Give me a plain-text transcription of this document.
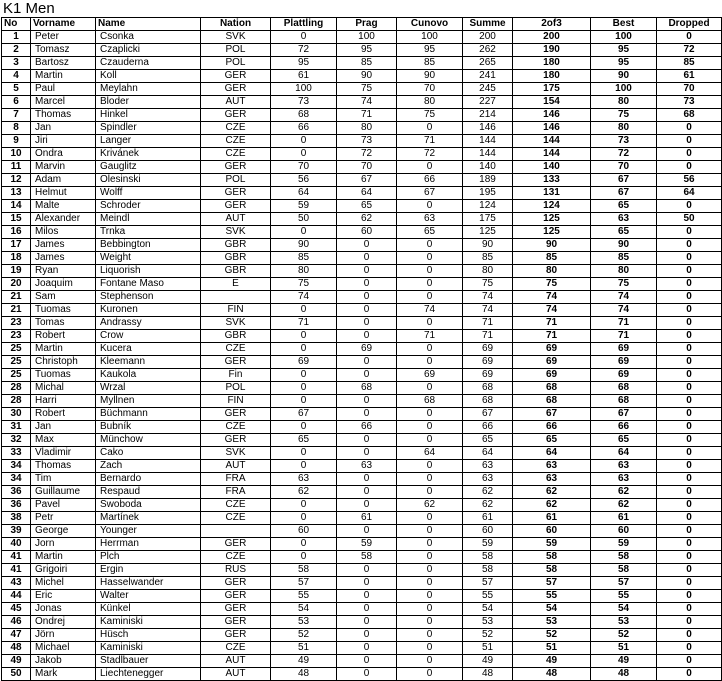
K1 Men
No	Vorname	Name	Nation	Plattling	Prag	Cunovo	Summe	2of3	Best	Dropped
1	Peter	Csonka	SVK	0	100	100	200	200	100	0
2	Tomasz	Czaplicki	POL	72	95	95	262	190	95	72
3	Bartosz	Czauderna	POL	95	85	85	265	180	95	85
4	Martin	Koll	GER	61	90	90	241	180	90	61
5	Paul	Meylahn	GER	100	75	70	245	175	100	70
6	Marcel	Bloder	AUT	73	74	80	227	154	80	73
7	Thomas	Hinkel	GER	68	71	75	214	146	75	68
8	Jan	Spindler	CZE	66	80	0	146	146	80	0
9	Jiri	Langer	CZE	0	73	71	144	144	73	0
10	Ondra	Krivánek	CZE	0	72	72	144	144	72	0
11	Marvin	Gauglitz	GER	70	70	0	140	140	70	0
12	Adam	Olesinski	POL	56	67	66	189	133	67	56
13	Helmut	Wolff	GER	64	64	67	195	131	67	64
14	Malte	Schroder	GER	59	65	0	124	124	65	0
15	Alexander	Meindl	AUT	50	62	63	175	125	63	50
16	Milos	Trnka	SVK	0	60	65	125	125	65	0
17	James	Bebbington	GBR	90	0	0	90	90	90	0
18	James	Weight	GBR	85	0	0	85	85	85	0
19	Ryan	Liquorish	GBR	80	0	0	80	80	80	0
20	Joaquim	Fontane Maso	E	75	0	0	75	75	75	0
21	Sam	Stephenson		74	0	0	74	74	74	0
21	Tuomas	Kuronen	FIN	0	0	74	74	74	74	0
23	Tomas	Andrassy	SVK	71	0	0	71	71	71	0
23	Robert	Crow	GBR	0	0	71	71	71	71	0
25	Martin	Kucera	CZE	0	69	0	69	69	69	0
25	Christoph	Kleemann	GER	69	0	0	69	69	69	0
25	Tuomas	Kaukola	Fin	0	0	69	69	69	69	0
28	Michal	Wrzal	POL	0	68	0	68	68	68	0
28	Harri	Myllnen	FIN	0	0	68	68	68	68	0
30	Robert	Büchmann	GER	67	0	0	67	67	67	0
31	Jan	Bubník	CZE	0	66	0	66	66	66	0
32	Max	Münchow	GER	65	0	0	65	65	65	0
33	Vladimir	Cako	SVK	0	0	64	64	64	64	0
34	Thomas	Zach	AUT	0	63	0	63	63	63	0
34	Tim	Bernardo	FRA	63	0	0	63	63	63	0
36	Guillaume	Respaud	FRA	62	0	0	62	62	62	0
36	Pavel	Swoboda	CZE	0	0	62	62	62	62	0
38	Petr	Martínek	CZE	0	61	0	61	61	61	0
39	George	Younger		60	0	0	60	60	60	0
40	Jorn	Herrman	GER	0	59	0	59	59	59	0
41	Martin	Plch	CZE	0	58	0	58	58	58	0
41	Grigoiri	Ergin	RUS	58	0	0	58	58	58	0
43	Michel	Hasselwander	GER	57	0	0	57	57	57	0
44	Eric	Walter	GER	55	0	0	55	55	55	0
45	Jonas	Künkel	GER	54	0	0	54	54	54	0
46	Ondrej	Kaminiski	GER	53	0	0	53	53	53	0
47	Jörn	Hüsch	GER	52	0	0	52	52	52	0
48	Michael	Kaminiski	CZE	51	0	0	51	51	51	0
49	Jakob	Stadlbauer	AUT	49	0	0	49	49	49	0
50	Mark	Liechtenegger	AUT	48	0	0	48	48	48	0
